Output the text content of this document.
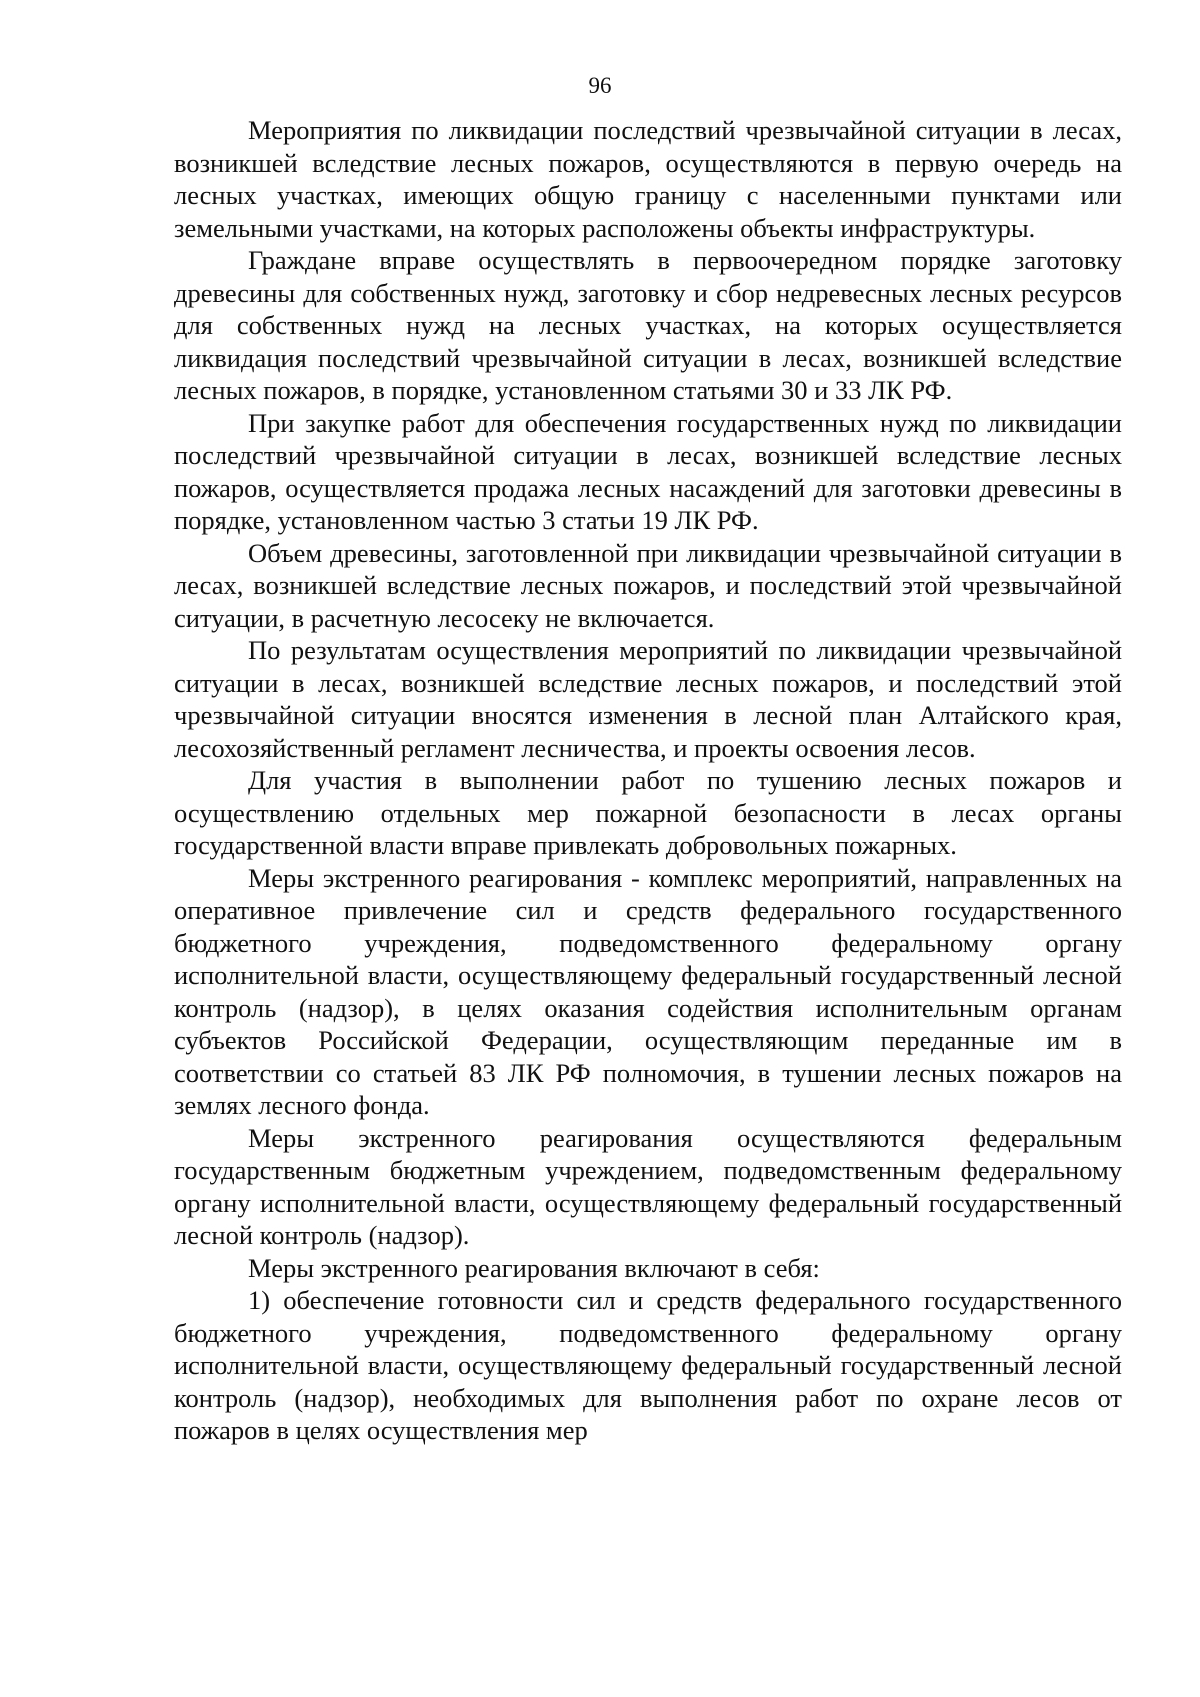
96

Мероприятия по ликвидации последствий чрезвычайной ситуации в лесах, возникшей вследствие лесных пожаров, осуществляются в первую очередь на лесных участках, имеющих общую границу с населенными пунктами или земельными участками, на которых расположены объекты инфраструктуры.

Граждане вправе осуществлять в первоочередном порядке заготовку древесины для собственных нужд, заготовку и сбор недревесных лесных ресурсов для собственных нужд на лесных участках, на которых осуществляется ликвидация последствий чрезвычайной ситуации в лесах, возникшей вследствие лесных пожаров, в порядке, установленном статьями 30 и 33 ЛК РФ.

При закупке работ для обеспечения государственных нужд по ликвидации последствий чрезвычайной ситуации в лесах, возникшей вследствие лесных пожаров, осуществляется продажа лесных насаждений для заготовки древесины в порядке, установленном частью 3 статьи 19 ЛК РФ.

Объем древесины, заготовленной при ликвидации чрезвычайной ситуации в лесах, возникшей вследствие лесных пожаров, и последствий этой чрезвычайной ситуации, в расчетную лесосеку не включается.

По результатам осуществления мероприятий по ликвидации чрезвычайной ситуации в лесах, возникшей вследствие лесных пожаров, и последствий этой чрезвычайной ситуации вносятся изменения в лесной план Алтайского края, лесохозяйственный регламент лесничества, и проекты освоения лесов.

Для участия в выполнении работ по тушению лесных пожаров и осуществлению отдельных мер пожарной безопасности в лесах органы государственной власти вправе привлекать добровольных пожарных.

Меры экстренного реагирования - комплекс мероприятий, направленных на оперативное привлечение сил и средств федерального государственного бюджетного учреждения, подведомственного федеральному органу исполнительной власти, осуществляющему федеральный государственный лесной контроль (надзор), в целях оказания содействия исполнительным органам субъектов Российской Федерации, осуществляющим переданные им в соответствии со статьей 83 ЛК РФ полномочия, в тушении лесных пожаров на землях лесного фонда.

Меры экстренного реагирования осуществляются федеральным государственным бюджетным учреждением, подведомственным федеральному органу исполнительной власти, осуществляющему федеральный государственный лесной контроль (надзор).

Меры экстренного реагирования включают в себя:

1) обеспечение готовности сил и средств федерального государственного бюджетного учреждения, подведомственного федеральному органу исполнительной власти, осуществляющему федеральный государственный лесной контроль (надзор), необходимых для выполнения работ по охране лесов от пожаров в целях осуществления мер
